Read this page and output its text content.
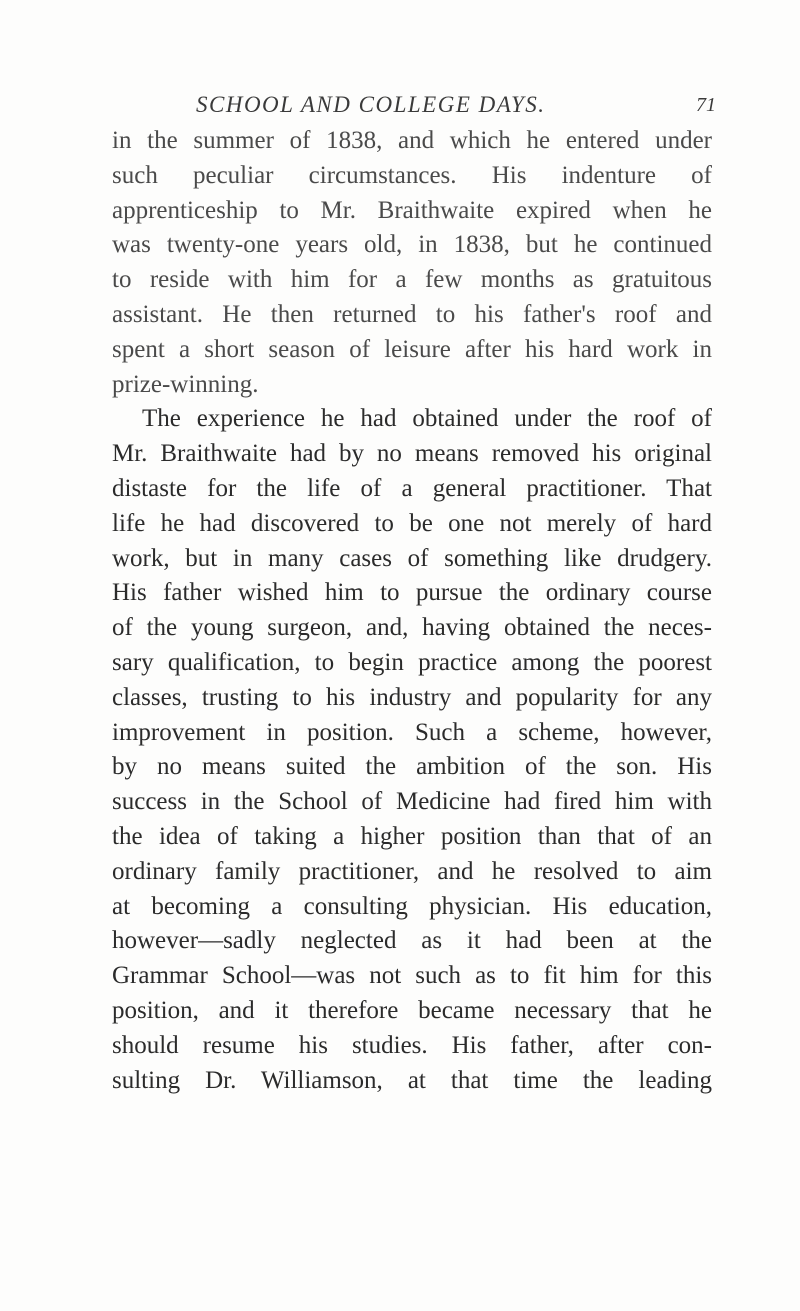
SCHOOL AND COLLEGE DAYS.	71
in the summer of 1838, and which he entered under
such peculiar circumstances. His indenture of
apprenticeship to Mr. Braithwaite expired when he
was twenty-one years old, in 1838, but he continued
to reside with him for a few months as gratuitous
assistant. He then returned to his father's roof and
spent a short season of leisure after his hard work in
prize-winning.
The experience he had obtained under the roof of
Mr. Braithwaite had by no means removed his original
distaste for the life of a general practitioner. That
life he had discovered to be one not merely of hard
work, but in many cases of something like drudgery.
His father wished him to pursue the ordinary course
of the young surgeon, and, having obtained the neces-
sary qualification, to begin practice among the poorest
classes, trusting to his industry and popularity for any
improvement in position. Such a scheme, however,
by no means suited the ambition of the son. His
success in the School of Medicine had fired him with
the idea of taking a higher position than that of an
ordinary family practitioner, and he resolved to aim
at becoming a consulting physician. His education,
however—sadly neglected as it had been at the
Grammar School—was not such as to fit him for this
position, and it therefore became necessary that he
should resume his studies. His father, after con-
sulting Dr. Williamson, at that time the leading
